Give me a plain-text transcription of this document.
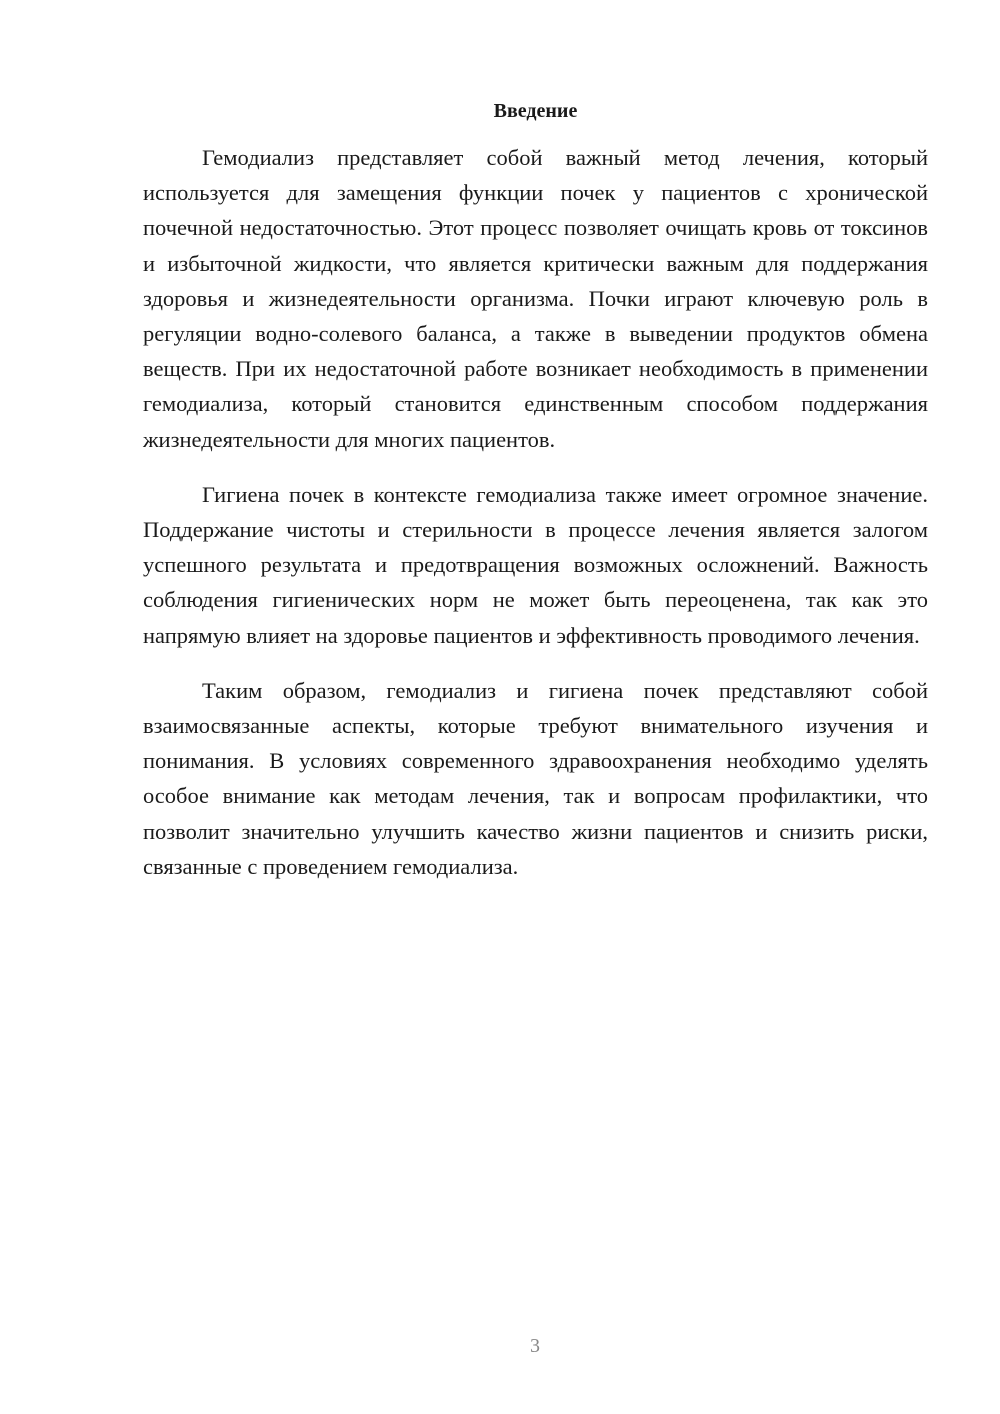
Введение

Гемодиализ представляет собой важный метод лечения, который используется для замещения функции почек у пациентов с хронической почечной недостаточностью. Этот процесс позволяет очищать кровь от токсинов и избыточной жидкости, что является критически важным для поддержания здоровья и жизнедеятельности организма. Почки играют ключевую роль в регуляции водно-солевого баланса, а также в выведении продуктов обмена веществ. При их недостаточной работе возникает необходимость в применении гемодиализа, который становится единственным способом поддержания жизнедеятельности для многих пациентов.

Гигиена почек в контексте гемодиализа также имеет огромное значение. Поддержание чистоты и стерильности в процессе лечения является залогом успешного результата и предотвращения возможных осложнений. Важность соблюдения гигиенических норм не может быть переоценена, так как это напрямую влияет на здоровье пациентов и эффективность проводимого лечения.

Таким образом, гемодиализ и гигиена почек представляют собой взаимосвязанные аспекты, которые требуют внимательного изучения и понимания. В условиях современного здравоохранения необходимо уделять особое внимание как методам лечения, так и вопросам профилактики, что позволит значительно улучшить качество жизни пациентов и снизить риски, связанные с проведением гемодиализа.

3
